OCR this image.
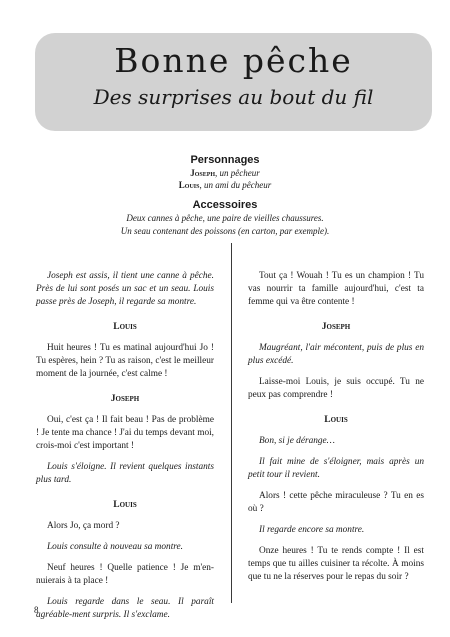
Bonne pêche
Des surprises au bout du fil
Personnages
Joseph, un pêcheur
Louis, un ami du pêcheur
Accessoires
Deux cannes à pêche, une paire de vieilles chaussures.
Un seau contenant des poissons (en carton, par exemple).

Joseph est assis, il tient une canne à pêche. Près de lui sont posés un sac et un seau. Louis passe près de Joseph, il regarde sa montre.

Louis

Huit heures ! Tu es matinal aujourd'hui Jo ! Tu espères, hein ? Tu as raison, c'est le meilleur moment de la journée, c'est calme !

Joseph

Oui, c'est ça ! Il fait beau ! Pas de problème ! Je tente ma chance ! J'ai du temps devant moi, crois-moi c'est important !

Louis s'éloigne. Il revient quelques instants plus tard.

Louis

Alors Jo, ça mord ?

Louis consulte à nouveau sa montre.

Neuf heures ! Quelle patience ! Je m'en-nuierais à ta place !

Louis regarde dans le seau. Il paraît agréable-ment surpris. Il s'exclame.

Tout ça ! Wouah ! Tu es un champion ! Tu vas nourrir ta famille aujourd'hui, c'est ta femme qui va être contente !

Joseph

Maugréant, l'air mécontent, puis de plus en plus excédé.

Laisse-moi Louis, je suis occupé. Tu ne peux pas comprendre !

Louis

Bon, si je dérange…

Il fait mine de s'éloigner, mais après un petit tour il revient.

Alors ! cette pêche miraculeuse ? Tu en es où ?

Il regarde encore sa montre.

Onze heures ! Tu te rends compte ! Il est temps que tu ailles cuisiner ta récolte. À moins que tu ne la réserves pour le repas du soir ?

8
